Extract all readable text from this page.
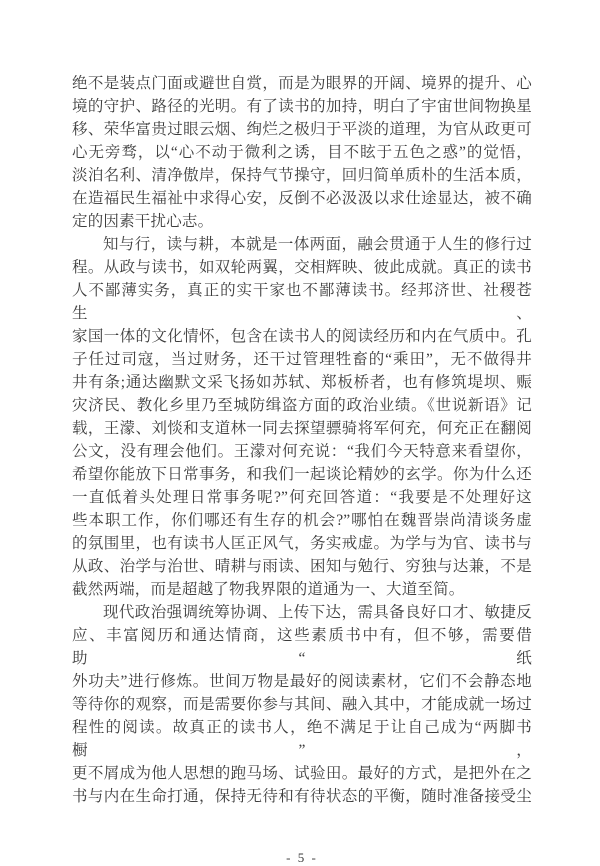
绝不是装点门面或避世自赏，而是为眼界的开阔、境界的提升、心
境的守护、路径的光明。有了读书的加持，明白了宇宙世间物换星
移、荣华富贵过眼云烟、绚烂之极归于平淡的道理，为官从政更可
心无旁骛，以“心不动于微利之诱，目不眩于五色之惑”的觉悟，
淡泊名利、清净傲岸，保持气节操守，回归简单质朴的生活本质，
在造福民生福祉中求得心安，反倒不必汲汲以求仕途显达，被不确
定的因素干扰心志。
知与行，读与耕，本就是一体两面，融会贯通于人生的修行过
程。从政与读书，如双轮两翼，交相辉映、彼此成就。真正的读书
人不鄙薄实务，真正的实干家也不鄙薄读书。经邦济世、社稷苍生、
家国一体的文化情怀，包含在读书人的阅读经历和内在气质中。孔
子任过司寇，当过财务，还干过管理牲畜的“乘田”，无不做得井
井有条;通达幽默文采飞扬如苏轼、郑板桥者，也有修筑堤坝、赈
灾济民、教化乡里乃至城防缉盗方面的政治业绩。《世说新语》记
载，王濛、刘惔和支道林一同去探望骠骑将军何充，何充正在翻阅
公文，没有理会他们。王濛对何充说：“我们今天特意来看望你，
希望你能放下日常事务，和我们一起谈论精妙的玄学。你为什么还
一直低着头处理日常事务呢?”何充回答道：“我要是不处理好这
些本职工作，你们哪还有生存的机会?”哪怕在魏晋崇尚清谈务虚
的氛围里，也有读书人匡正风气，务实戒虚。为学与为官、读书与
从政、治学与治世、晴耕与雨读、困知与勉行、穷独与达兼，不是
截然两端，而是超越了物我界限的道通为一、大道至简。
现代政治强调统筹协调、上传下达，需具备良好口才、敏捷反
应、丰富阅历和通达情商，这些素质书中有，但不够，需要借助“纸
外功夫”进行修炼。世间万物是最好的阅读素材，它们不会静态地
等待你的观察，而是需要你参与其间、融入其中，才能成就一场过
程性的阅读。故真正的读书人，绝不满足于让自己成为“两脚书橱”，
更不屑成为他人思想的跑马场、试验田。最好的方式，是把外在之
书与内在生命打通，保持无待和有待状态的平衡，随时准备接受尘
- 5 -
